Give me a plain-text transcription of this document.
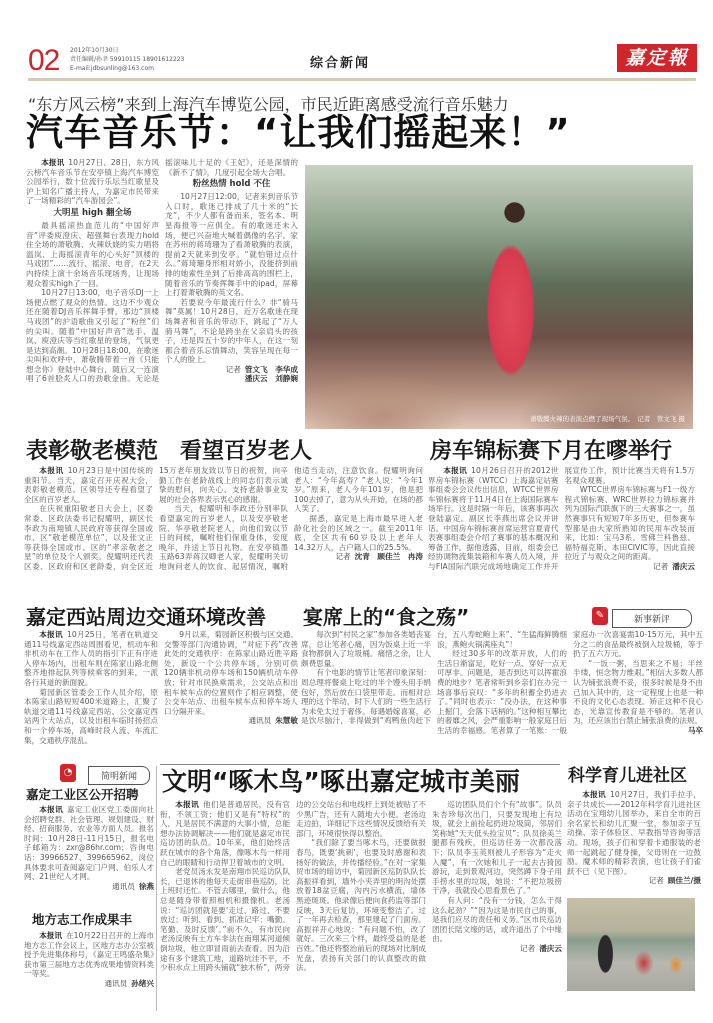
02 2012年10月30日
责任编辑/孙聿 59910115 18901612223
E-mail:jdbsunling@163.com	综合新闻	嘉定報
“东方风云榜”来到上海汽车博览公园，市民近距离感受流行音乐魅力
汽车音乐节：“让我们摇起来！”

本报讯 10月27日、28日，东方风云榜汽车音乐节在安亭镇上海汽车博览公园举行，数十位流行乐坛当红歌星及沪上知名广播主持人，为嘉定市民带来了一场精彩的“汽车游园会”。

大明星 high 翻全场

最具摇滚热血范儿的“中国好声音”评委庾澄庆、超强舞台表现力hold住全场的萧敬腾、火辣妖娆的实力唱将温岚、上海摇滚青年的心头好“顶楼的马戏团”……流行、摇滚、电音，在2天内持续上演十余场音乐现场秀，让现场观众着实high了一回。

10月27日13:00，电子音乐DJ一上场便点燃了观众的热情。这边不少观众还在随着DJ音乐挥舞手臂，那边“顶楼马戏团”的沪语歌曲又引起了“粉丝”们的尖叫。随着“中国好声音”选手、温岚、庾澄庆等当红歌星的登场，气氛更是达到高潮。10月28日18:00，在歌迷尖叫和欢呼中，萧敬腾带着一首《只能想念你》登陆中心舞台，随后又一连演唱了6首脍炙人口的劲歌金曲。无论是摇滚味儿十足的《王妃》，还是深情的《新不了情》，几度引起全场大合唱。

粉丝热情 hold 不住

10月27日12:00，记者来到音乐节入口时，歌迷已排成了几十米的“长龙”，不少人都有备而来，签名本、明星海报等一应俱全。有的歌迷还未入场，便已兴奋地大喊着偶像的名字。家在苏州的蒋琦珊为了看萧敬腾的表演，提前2天就来到安亭。“就怕错过点什么。”蒋琦珊身形相对娇小，没能挤到前排的她索性坐到了后排高高的围栏上，随着音乐的节奏挥舞手中的ipad，屏幕上打着萧敬腾的英文名。

若要说今年最流行什么？非“骑马舞”莫属！10月28日，近万名歌迷在现场舞者和音乐的带动下，跳起了“万人骑马舞”，不论是跨坐在父亲肩头的孩子，还是四五十岁的中年人，在这一刻都合着音乐忘情舞动，笑容呈现在每一个人的脸上。

记者 管文飞　李华成
潘庆云　刘静娴

萧敬腾火辣的表演点燃了现场气氛。　记者　管文飞 摄
表彰敬老模范　看望百岁老人

本报讯 10月23日是中国传统的重阳节。当天，嘉定召开庆祝大会，表彰敬老模范。区领导还专程看望了全区的百岁老人。

在庆祝重阳敬老日大会上，区委常委、区政法委书记倪耀明，副区长李政为南翔镇人民政府等获得全国或市、区“敬老模范单位”，以及张文正等获得全国或市、区的“孝亲敬老之星”的单位及个人颁奖。倪耀明还代表区委、区政府和区老龄委，向全区近15万老年朋友致以节日的祝贺，向辛勤工作在老龄战线上的同志们表示诚挚的慰问，向关心、支持老龄事业发展的社会各界表示衷心的感谢。

当天，倪耀明和李政还分别率队看望嘉定的百岁老人，以及安亭敬老院、华亭敬老院老人，向他们致以节日的问候，嘱咐他们保重身体，安度晚年，并送上节日礼物。在安亭镇墨玉路63弄蒋汉卿老人家，倪耀明关切地询问老人的饮食、起居情况，嘱咐他适当走动，注意饮食。倪耀明询问老人：“今年高寿？”老人说：“今年1岁。”原来，老人今年101岁，他是把100去掉了，意为从头开始，在场的都人笑了。

据悉，嘉定是上海市最早进入老龄化社会的区域之一。截至2011年底，全区共有60岁及以上老年人14.32万人，占户籍人口的25.5%。

记者 沈青　顾佳兰　冉涛

房车锦标赛下月在嘐举行

本报讯 10月26日召开的2012世界房车锦标赛（WTCC）上海嘉定站赛事组委会会议传出信息，WTCC世界房车锦标赛将于11月4日在上海国际赛车场举行。这是时隔一年后，该赛事再次登陆嘉定。副区长李燕出席会议并讲话。中国房车锦标赛首席运营官夏青代表赛事组委会介绍了赛事的基本概况和筹备工作。据他透露，目前，组委会已经协调物流集装箱和车赛人员入境，并与FIA国际汽联完成场地确定工作并开展宣传工作，预计比赛当天将有1.5万名观众观赛。

WTCC世界房车锦标赛与F1一级方程式锦标赛、WRC世界拉力锦标赛并列为国际汽联旗下的三大赛事之一，虽然赛事只有短短7年多历史，但参赛车型都是由大家所熟知的民用车改装而来，比如：宝马3系、雪佛兰科鲁兹、福特福克斯、本田CIVIC等，因此直接拉近了与观众之间的距离。

记者 潘庆云

嘉定西站周边交通环境改善

本报讯 10月25日，笔者在轨道交通11号线嘉定西站周围看见，机动车和非机动车在工作人员的指引下正有序进入停车场内，出租车则在陈家山路北侧整齐地排起队列等候乘客的到来，一派各行其道的新面貌。

菊园新区管委会工作人员介绍，原本陈家山路短短400米道路上，汇聚了轨道交通11号线嘉定西站、公交嘉定西站两个大站点，以及出租车临时扬招点和一个停车场，高峰时段人流、车流汇集，交通秩序混乱。

9月以来，菊园新区积极与区交通、交警等部门沟通协调，“对症下药”改善此处的交通秩序：在陈家山路近胜辛路处，新设一个公共停车场，分别可供120辆非机动停车场和150辆机动车停放；针对市民换乘需求，公交站点和出租车候车点的位置则作了相应调整，使公交车站点、出租车候车点和停车场人口分隔开来。

通讯员 朱慧敏

宴席上的“食之殇”	✎	新事新评

每次到“村民之家”参加各类婚丧宴席，总让笔者心痛，因为饭桌上近一半食物都倒入了垃圾桶。痛惜之余，让人颇费思量。

有个电影的情节让笔者印象深刻：周总理将餐桌上吃过的半个馒头用手绢包好，然后放在口袋里带走。而相对总理的这个举动，时下人们的一些生活行为未免太过于奢侈。每遇婚嫁喜宴，必是饮尽脑汁，非得做到“鸡鸭鱼肉赶下台，五八寿蛇鲍上来”、“生猛海鲜腾细浪，燕鲍火锅满座丸”！

经过30多年的改革开放，人们的生活日渐富足，吃好一点、穿好一点无可厚非。问题是，是否到达可以挥霍浪费的地步？笔者常听到乡亲们在办完一场喜事后哀叹：“多年的积蓄全扔进去了。”同时也表示：“没办法，在这种事上掘门，会落下话柄的。”这种相互攀比的奢靡之风，会严重影响一般家庭日后生活的幸福感。笔者算了一笔账：一般家庭办一次喜宴需10-15万元，其中五分之二的食品最终被倒入垃圾桶，等于扔了五六万元。

“一饭一粥，当思来之不易；半丝半缕，恒念物力维艰。”相信大多数人都认为铺张浪费不妥，很多时候是身不由己加入其中的，这一定程度上也是一种不良的文化心态表现。矫正这种不良心态，光靠宣传教育是不够的。笔者认为，还应该出台禁止铺张浪费的法规。

马卒

◔	简明新闻
嘉定工业区公开招聘

本报讯 嘉定工业区党工委面向社会招聘党群、社会管理、规划建设、财经、招商服务、农业等方面人员。报名时间：10月28日-11月15日，报名电子邮箱为：zxr@86hr.com；咨询电话：39966527、39966596​2。岗位具体要求可查阅嘉定门户网、伯乐人才网、21世纪人才网。

通讯员 徐燕

地方志工作成果丰

本报讯 在10月22日召开的上海市地方志工作会议上，区地方志办公室被授予先进集体称号，《嘉定王鸣盛杂集》获市第三届地方志优秀成果地情资料类一等奖。

通讯员 孙绪兴

文明“啄木鸟”啄出嘉定城市美丽

本报讯 他们是普通居民，没有官衔，不领工资；他们又是有“特权”的人，凡是居民不满意的大事小情，总能想办法协调解决——他们就是嘉定市民巡访团的队员。10年来，他们始终活跃在城市的各个角落，像啄木鸟一样用自己的眼睛和行动捍卫着城市的文明。

老党员汤永发是南翔市民巡访队队长，已退休的他每天走街串巷巡防，比上班时还忙。不管去哪里，做什么，他总是随身带着照相机和摄像机。老汤说：“巡访团就是要‘走过、路过、不要放过；听到、看到、抓准记牢；嘴勤、笔勤、及时反馈’。”前不久，有市民向老汤反映有土方车非法在南翔某河道倾倒垃圾，他立即冒雨前去查看。因为沿途有多个建筑工地，道路坑洼不平，不少积水点上用跨头铺就“独木桥”，两旁边的公交站台和电线杆上到处被贴了不少黑广告，还有人随地大小便。老汤边走边拍，详细记下这些情况反馈给有关部门，环境很快得以整治。

“我们除了要当啄木鸟，还要做报春鸟，既要‘挑刺’，也要及时感谢和表扬好的做法，并传播经验。”在对一家集贸市场的暗访中，菊园新区巡防队队长高振祥看到，墙外小夹弄里的明沟处摆放着18盆豆腐，沟内污水横流，墙体黑迹斑斑。他录像后便向食药监等部门反映，3天后复访，环境变整洁了。过了一年再去检查，那里建起了门面房。高振祥开心地说：“有问题不怕，改了就好。三次来三个样，最终受益的是老百姓。”他还将整治前后的现场对比制成光盘，表扬有关部门的认真整改的做法。

巡访团队员们个个有“故事”。队员朱杏珍每次出门，只要发现地上有垃圾，就会上前捡起扔进垃圾筒，邻居们笑称她“天天低头捡宝贝”；队员徐美兰腿都有残疾，但巡访任务一次都没落下；队员李玉英则被儿子形容为“走火入魔”，有一次她和儿子一起去古猗园游玩，走到景观河边，突然蹲下身子用手捞水里的垃圾，她说：“不把垃圾捞干净，我就没心思看景色了。”

有人问：“没有一分钱，怎么干得这么起劲？”“因为这是市民自己的事，是我们应尽的责任和义务。”区市民巡访团团长陆文缘的话，或许道出了个中缘由。

记者 潘庆云

科学育儿进社区

本报讯 10月27日，我们手拉手，亲子共成长——2012年科学育儿进社区活动在宝翔幼儿园举办，来自全市的百余名家长和幼儿汇聚一堂，参加亲子互动操、亲子体验区、早教指导咨询等活动。现场，孩子们和穿着卡通服装的老师一起跳起了健身操，父母则在一边鼓励。魔术师的精彩表演，也让孩子们雀跃不已（见下图）。

记者 顾佳兰/摄
